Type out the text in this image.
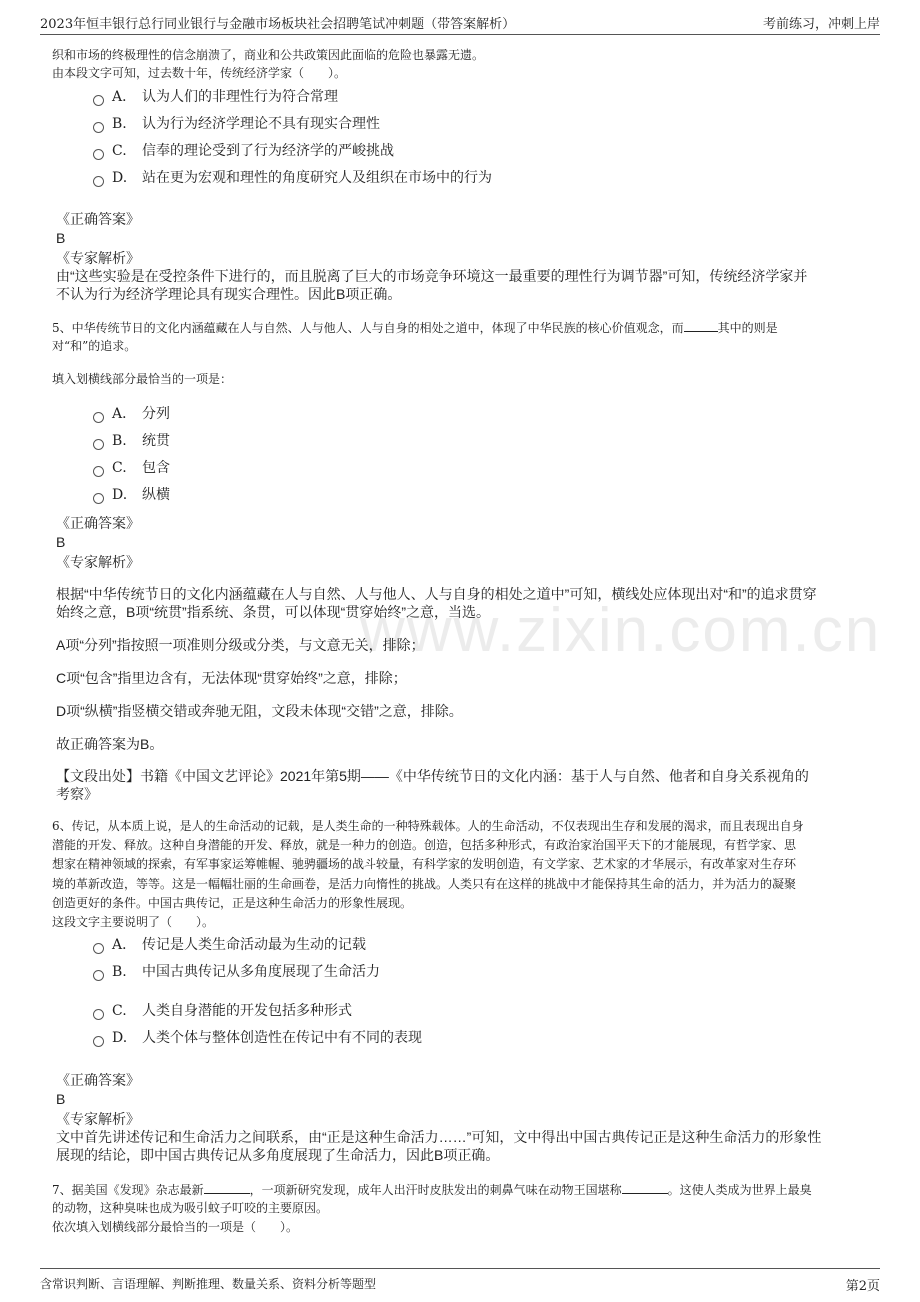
2023年恒丰银行总行同业银行与金融市场板块社会招聘笔试冲刺题（带答案解析）	考前练习，冲刺上岸
www.zixin.com.cn
织和市场的终极理性的信念崩溃了，商业和公共政策因此面临的危险也暴露无遗。
由本段文字可知，过去数十年，传统经济学家（　　）。
A． 认为人们的非理性行为符合常理
B.	认为行为经济学理论不具有现实合理性
C.	信奉的理论受到了行为经济学的严峻挑战
D.	站在更为宏观和理性的角度研究人及组织在市场中的行为
《正确答案》
B
《专家解析》
由“这些实验是在受控条件下进行的，而且脱离了巨大的市场竞争环境这一最重要的理性行为调节器”可知，传统经济学家并
不认为行为经济学理论具有现实合理性。因此B项正确。
5、中华传统节日的文化内涵蕴藏在人与自然、人与他人、人与自身的相处之道中，体现了中华民族的核心价值观念，而	其中的则是
对“和”的追求。
填入划横线部分最恰当的一项是：
A． 分列
B.	统贯
C.	包含
D.	纵横
《正确答案》
B
《专家解析》
根据“中华传统节日的文化内涵蕴藏在人与自然、人与他人、人与自身的相处之道中”可知，横线处应体现出对“和”的追求贯穿
始终之意，B项“统贯”指系统、条贯，可以体现“贯穿始终”之意，当选。
A项“分列”指按照一项准则分级或分类，与文意无关，排除；
C项“包含”指里边含有，无法体现“贯穿始终”之意，排除；
D项“纵横”指竖横交错或奔驰无阻，文段未体现“交错”之意，排除。
故正确答案为B。
【文段出处】书籍《中国文艺评论》2021年第5期——《中华传统节日的文化内涵：基于人与自然、他者和自身关系视角的
考察》
6、传记，从本质上说，是人的生命活动的记载，是人类生命的一种特殊载体。人的生命活动，不仅表现出生存和发展的渴求，而且表现出自身
潜能的开发、释放。这种自身潜能的开发、释放，就是一种力的创造。创造，包括多种形式，有政治家治国平天下的才能展现，有哲学家、思
想家在精神领域的探索，有军事家运筹帷幄、驰骋疆场的战斗较量，有科学家的发明创造，有文学家、艺术家的才华展示，有改革家对生存环
境的革新改造，等等。这是一幅幅壮丽的生命画卷，是活力向惰性的挑战。人类只有在这样的挑战中才能保持其生命的活力，并为活力的凝聚
创造更好的条件。中国古典传记，正是这种生命活力的形象性展现。
这段文字主要说明了（　　）。
A． 传记是人类生命活动最为生动的记载
B.	中国古典传记从多角度展现了生命活力
C.	人类自身潜能的开发包括多种形式
D.	人类个体与整体创造性在传记中有不同的表现
《正确答案》
B
《专家解析》
文中首先讲述传记和生命活力之间联系，由“正是这种生命活力……”可知，文中得出中国古典传记正是这种生命活力的形象性
展现的结论，即中国古典传记从多角度展现了生命活力，因此B项正确。
7、据美国《发现》杂志最新	，一项新研究发现，成年人出汗时皮肤发出的刺鼻气味在动物王国堪称	。这使人类成为世界上最臭
的动物，这种臭味也成为吸引蚊子叮咬的主要原因。
依次填入划横线部分最恰当的一项是（　　）。
含常识判断、言语理解、判断推理、数量关系、资料分析等题型	第2页
